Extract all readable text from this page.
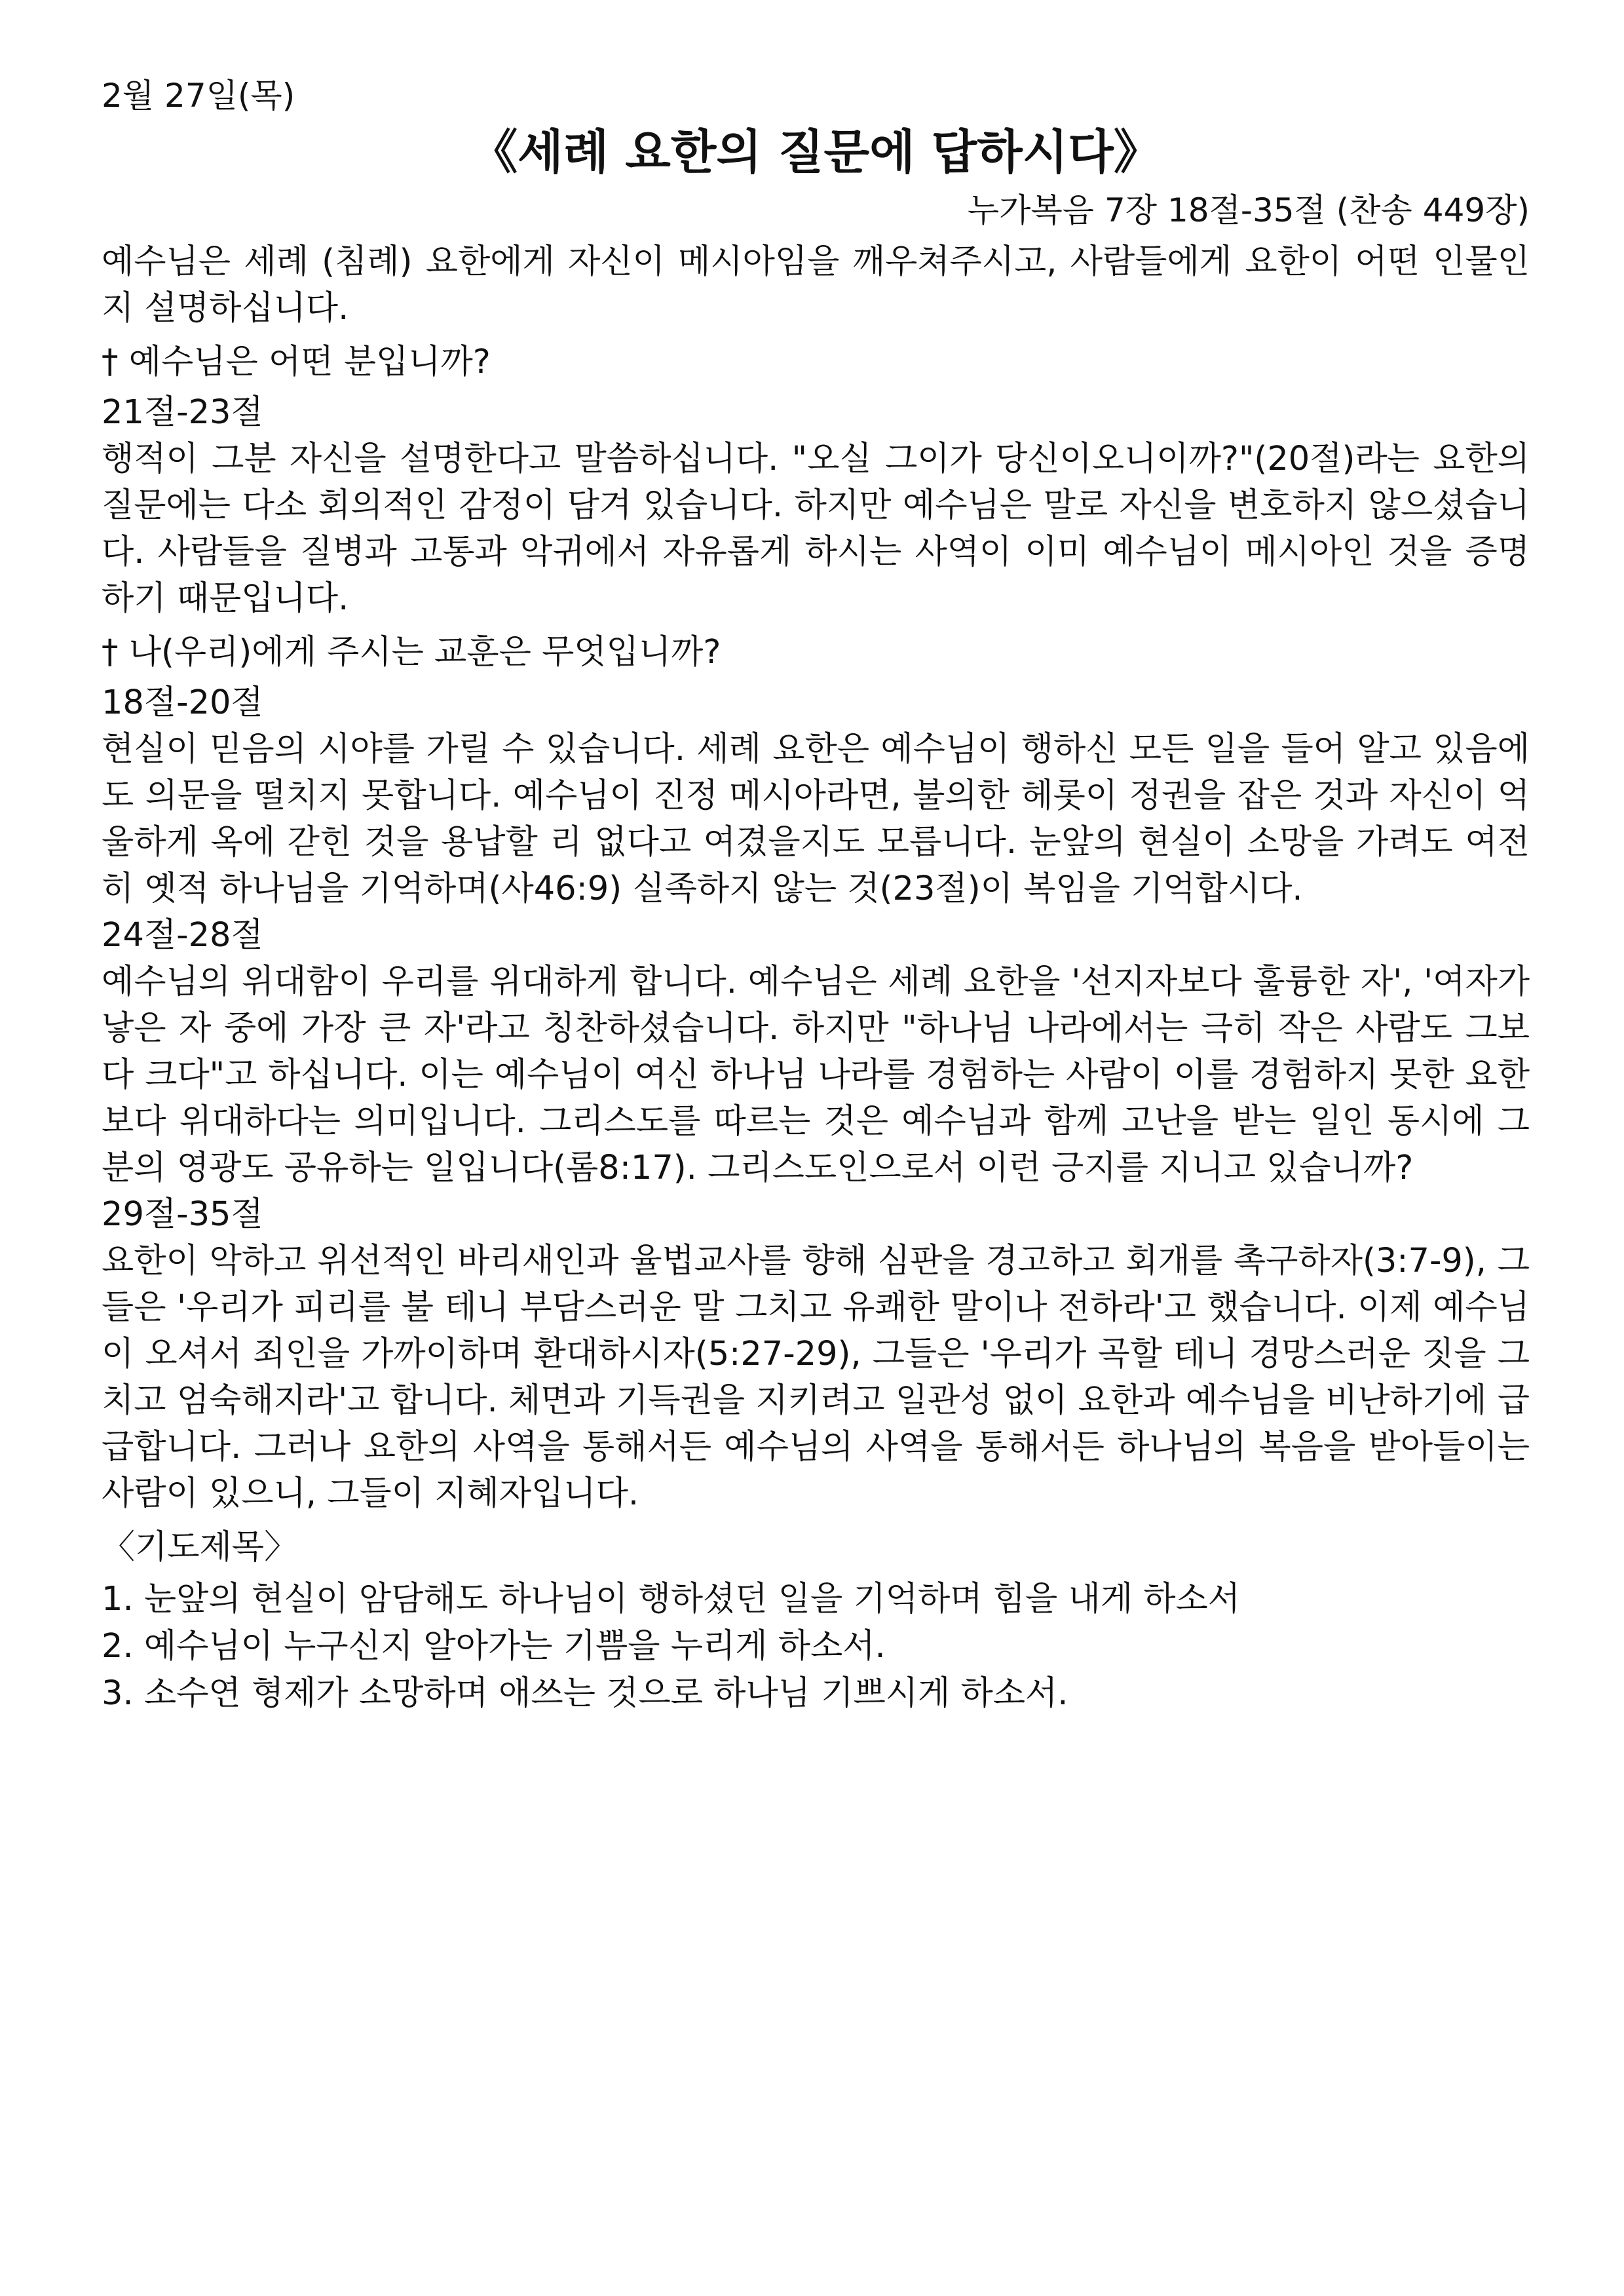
2월 27일(목)
《세례 요한의 질문에 답하시다》
누가복음 7장 18절-35절 (찬송 449장)

예수님은 세례 (침례) 요한에게 자신이 메시아임을 깨우쳐주시고, 사람들에게 요한이 어떤 인물인지 설명하십니다.

† 예수님은 어떤 분입니까?
21절-23절

행적이 그분 자신을 설명한다고 말씀하십니다. "오실 그이가 당신이오니이까?"(20절)라는 요한의 질문에는 다소 회의적인 감정이 담겨 있습니다. 하지만 예수님은 말로 자신을 변호하지 않으셨습니다. 사람들을 질병과 고통과 악귀에서 자유롭게 하시는 사역이 이미 예수님이 메시아인 것을 증명하기 때문입니다.

† 나(우리)에게 주시는 교훈은 무엇입니까?
18절-20절

현실이 믿음의 시야를 가릴 수 있습니다. 세례 요한은 예수님이 행하신 모든 일을 들어 알고 있음에도 의문을 떨치지 못합니다. 예수님이 진정 메시아라면, 불의한 헤롯이 정권을 잡은 것과 자신이 억울하게 옥에 갇힌 것을 용납할 리 없다고 여겼을지도 모릅니다. 눈앞의 현실이 소망을 가려도 여전히 옛적 하나님을 기억하며(사46:9) 실족하지 않는 것(23절)이 복임을 기억합시다.

24절-28절

예수님의 위대함이 우리를 위대하게 합니다. 예수님은 세례 요한을 '선지자보다 훌륭한 자', '여자가 낳은 자 중에 가장 큰 자'라고 칭찬하셨습니다. 하지만 "하나님 나라에서는 극히 작은 사람도 그보다 크다"고 하십니다. 이는 예수님이 여신 하나님 나라를 경험하는 사람이 이를 경험하지 못한 요한보다 위대하다는 의미입니다. 그리스도를 따르는 것은 예수님과 함께 고난을 받는 일인 동시에 그분의 영광도 공유하는 일입니다(롬8:17). 그리스도인으로서 이런 긍지를 지니고 있습니까?

29절-35절

요한이 악하고 위선적인 바리새인과 율법교사를 향해 심판을 경고하고 회개를 촉구하자(3:7-9), 그들은 '우리가 피리를 불 테니 부담스러운 말 그치고 유쾌한 말이나 전하라'고 했습니다. 이제 예수님이 오셔서 죄인을 가까이하며 환대하시자(5:27-29), 그들은 '우리가 곡할 테니 경망스러운 짓을 그치고 엄숙해지라'고 합니다. 체면과 기득권을 지키려고 일관성 없이 요한과 예수님을 비난하기에 급급합니다. 그러나 요한의 사역을 통해서든 예수님의 사역을 통해서든 하나님의 복음을 받아들이는 사람이 있으니, 그들이 지혜자입니다.

〈기도제목〉
1. 눈앞의 현실이 암담해도 하나님이 행하셨던 일을 기억하며 힘을 내게 하소서
2. 예수님이 누구신지 알아가는 기쁨을 누리게 하소서.
3. 소수연 형제가 소망하며 애쓰는 것으로 하나님 기쁘시게 하소서.
